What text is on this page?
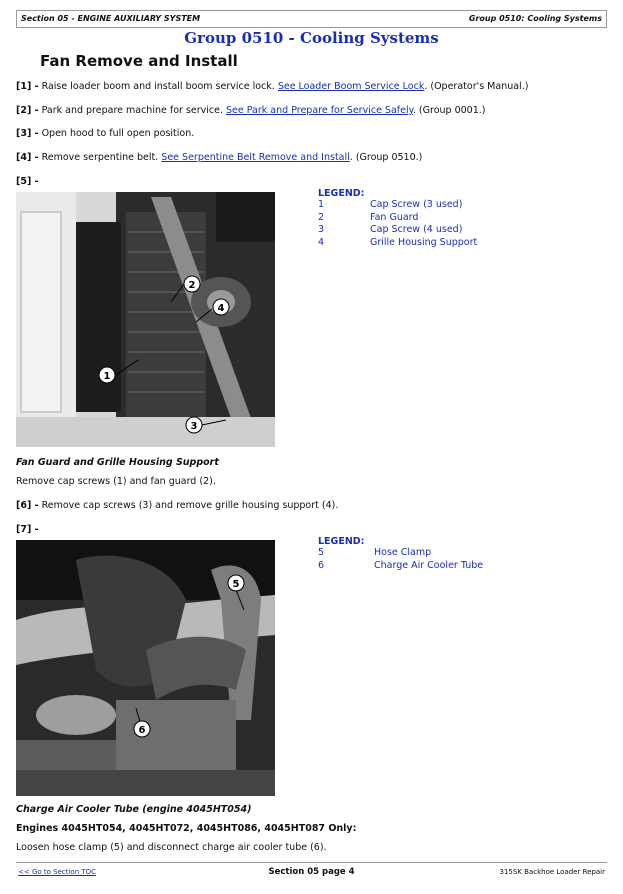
Section 05 - ENGINE AUXILIARY SYSTEM	Group 0510: Cooling Systems
Group 0510 - Cooling Systems
Fan Remove and Install
[1] - Raise loader boom and install boom service lock. See Loader Boom Service Lock. (Operator's Manual.)
[2] - Park and prepare machine for service. See Park and Prepare for Service Safely. (Group 0001.)
[3] - Open hood to full open position.
[4] - Remove serpentine belt. See Serpentine Belt Remove and Install. (Group 0510.)
[5] -
1
2
3
4
LEGEND:
1	Cap Screw (3 used)
2	Fan Guard
3	Cap Screw (4 used)
4	Grille Housing Support
Fan Guard and Grille Housing Support
Remove cap screws (1) and fan guard (2).
[6] - Remove cap screws (3) and remove grille housing support (4).
[7] -
5
6
LEGEND:
5	Hose Clamp
6	Charge Air Cooler Tube
Charge Air Cooler Tube (engine 4045HT054)
Engines 4045HT054, 4045HT072, 4045HT086, 4045HT087 Only:
Loosen hose clamp (5) and disconnect charge air cooler tube (6).
<< Go to Section TOC	Section 05 page 4	315SK Backhoe Loader Repair
